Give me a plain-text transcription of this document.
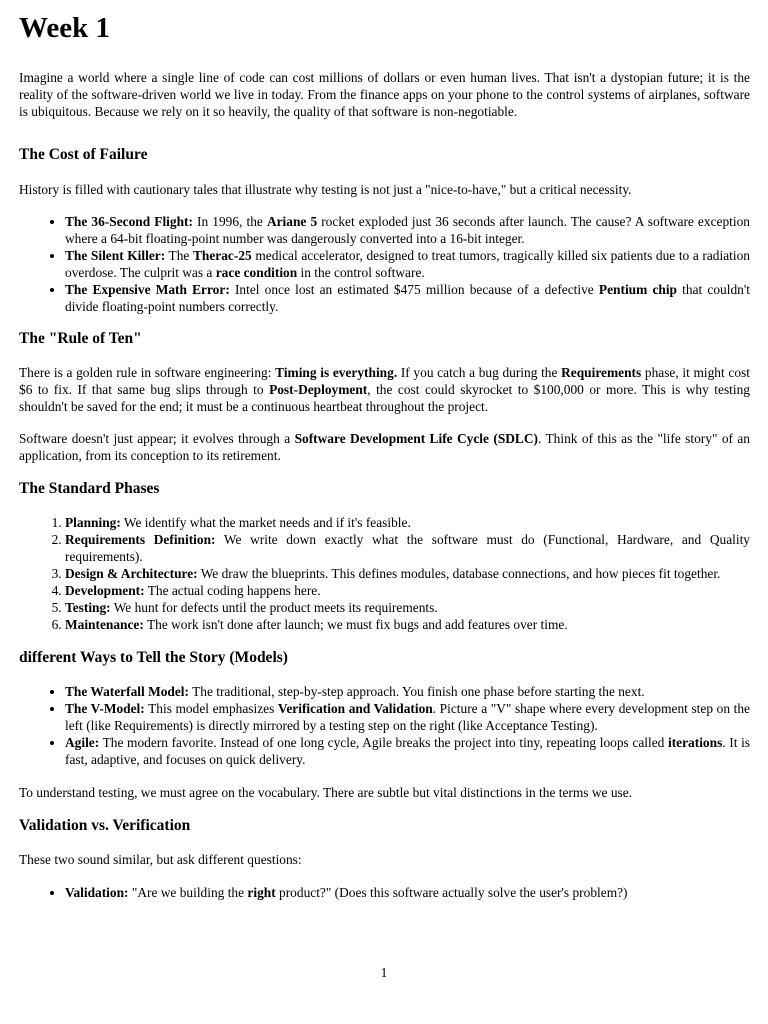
Week 1

Imagine a world where a single line of code can cost millions of dollars or even human lives. That isn't a dystopian future; it is the reality of the software-driven world we live in today. From the finance apps on your phone to the control systems of airplanes, software is ubiquitous. Because we rely on it so heavily, the quality of that software is non-negotiable.

The Cost of Failure

History is filled with cautionary tales that illustrate why testing is not just a "nice-to-have," but a critical necessity.

• The 36-Second Flight: In 1996, the Ariane 5 rocket exploded just 36 seconds after launch. The cause? A software exception where a 64-bit floating-point number was dangerously converted into a 16-bit integer.
• The Silent Killer: The Therac-25 medical accelerator, designed to treat tumors, tragically killed six patients due to a radiation overdose. The culprit was a race condition in the control software.
• The Expensive Math Error: Intel once lost an estimated $475 million because of a defective Pentium chip that couldn't divide floating-point numbers correctly.
The "Rule of Ten"

There is a golden rule in software engineering: Timing is everything. If you catch a bug during the Requirements phase, it might cost $6 to fix. If that same bug slips through to Post-Deployment, the cost could skyrocket to $100,000 or more. This is why testing shouldn't be saved for the end; it must be a continuous heartbeat throughout the project.

Software doesn't just appear; it evolves through a Software Development Life Cycle (SDLC). Think of this as the "life story" of an application, from its conception to its retirement.

The Standard Phases
1. Planning: We identify what the market needs and if it's feasible.
2. Requirements Definition: We write down exactly what the software must do (Functional, Hardware, and Quality requirements).
3. Design & Architecture: We draw the blueprints. This defines modules, database connections, and how pieces fit together.
4. Development: The actual coding happens here.
5. Testing: We hunt for defects until the product meets its requirements.
6. Maintenance: The work isn't done after launch; we must fix bugs and add features over time.
different Ways to Tell the Story (Models)
• The Waterfall Model: The traditional, step-by-step approach. You finish one phase before starting the next.
• The V-Model: This model emphasizes Verification and Validation. Picture a "V" shape where every development step on the left (like Requirements) is directly mirrored by a testing step on the right (like Acceptance Testing).
• Agile: The modern favorite. Instead of one long cycle, Agile breaks the project into tiny, repeating loops called iterations. It is fast, adaptive, and focuses on quick delivery.

To understand testing, we must agree on the vocabulary. There are subtle but vital distinctions in the terms we use.

Validation vs. Verification

These two sound similar, but ask different questions:

• Validation: "Are we building the right product?" (Does this software actually solve the user's problem?)
1
